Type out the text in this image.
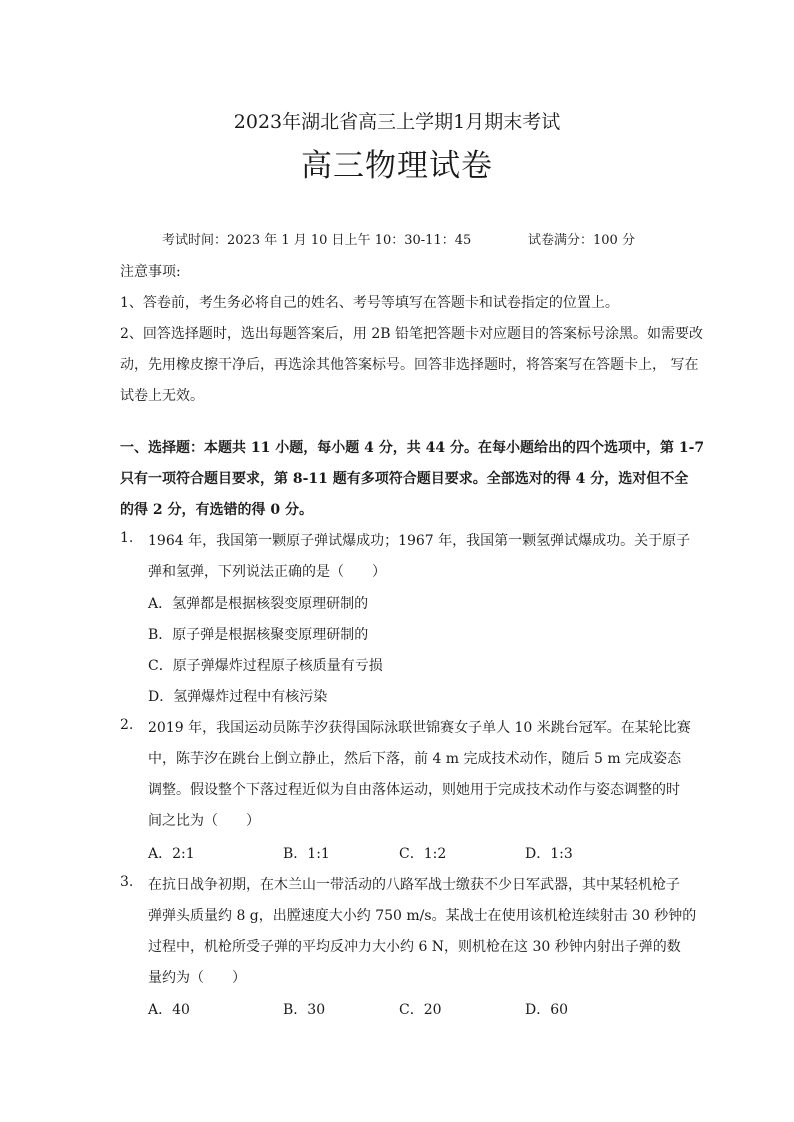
2023年湖北省高三上学期1月期末考试
高三物理试卷
考试时间：2023 年 1 月 10 日上午 10：30-11：45	试卷满分：100 分
注意事项:
1、答卷前，考生务必将自己的姓名、考号等填写在答题卡和试卷指定的位置上。
2、回答选择题时，选出每题答案后，用 2B 铅笔把答题卡对应题目的答案标号涂黑。如需要改
动，先用橡皮擦干净后，再选涂其他答案标号。回答非选择题时，将答案写在答题卡上， 写在
试卷上无效。
一、选择题：本题共 11 小题，每小题 4 分，共 44 分。在每小题给出的四个选项中，第 1-7
只有一项符合题目要求，第 8-11 题有多项符合题目要求。全部选对的得 4 分，选对但不全
的得 2 分，有选错的得 0 分。
1. 1964 年，我国第一颗原子弹试爆成功；1967 年，我国第一颗氢弹试爆成功。关于原子
弹和氢弹，下列说法正确的是（　　）
A．氢弹都是根据核裂变原理研制的
B．原子弹是根据核聚变原理研制的
C．原子弹爆炸过程原子核质量有亏损
D．氢弹爆炸过程中有核污染
2. 2019 年，我国运动员陈芋汐获得国际泳联世锦赛女子单人 10 米跳台冠军。在某轮比赛
中，陈芋汐在跳台上倒立静止，然后下落，前 4 m 完成技术动作，随后 5 m 完成姿态
调整。假设整个下落过程近似为自由落体运动，则她用于完成技术动作与姿态调整的时
间之比为（　　）
A．2:1	B．1:1	C．1:2	D．1:3
3. 在抗日战争初期，在木兰山一带活动的八路军战士缴获不少日军武器，其中某轻机枪子
弹弹头质量约 8 g，出膛速度大小约 750 m/s。某战士在使用该机枪连续射击 30 秒钟的
过程中，机枪所受子弹的平均反冲力大小约 6 N，则机枪在这 30 秒钟内射出子弹的数
量约为（　　）
A．40	B．30	C．20	D．60
